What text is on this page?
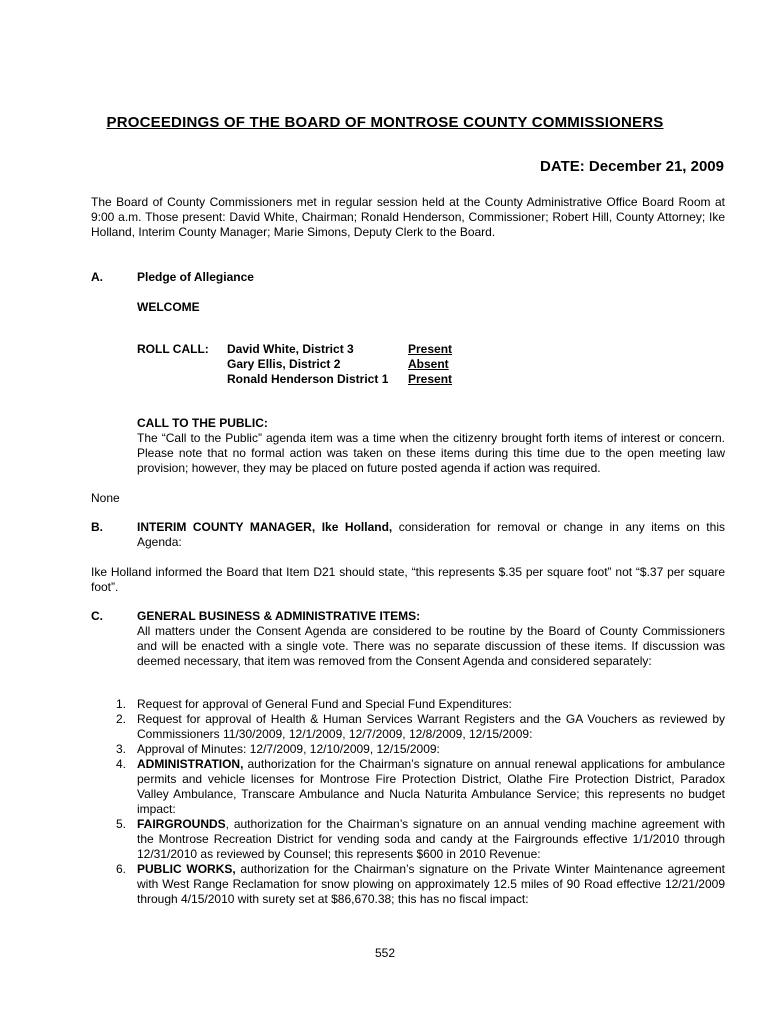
PROCEEDINGS OF THE BOARD OF MONTROSE COUNTY COMMISSIONERS
DATE: December 21, 2009
The Board of County Commissioners met in regular session held at the County Administrative Office Board Room at 9:00 a.m. Those present: David White, Chairman; Ronald Henderson, Commissioner; Robert Hill, County Attorney; Ike Holland, Interim County Manager; Marie Simons, Deputy Clerk to the Board.
A.	Pledge of Allegiance
WELCOME
ROLL CALL: David White, District 3	Present
Gary Ellis, District 2	Absent
Ronald Henderson District 1 Present
CALL TO THE PUBLIC:
The “Call to the Public” agenda item was a time when the citizenry brought forth items of interest or concern. Please note that no formal action was taken on these items during this time due to the open meeting law provision; however, they may be placed on future posted agenda if action was required.
None
B.	INTERIM COUNTY MANAGER, Ike Holland, consideration for removal or change in any items on this Agenda:
Ike Holland informed the Board that Item D21 should state, “this represents $.35 per square foot” not “$.37 per square foot”.
C.	GENERAL BUSINESS & ADMINISTRATIVE ITEMS:
All matters under the Consent Agenda are considered to be routine by the Board of County Commissioners and will be enacted with a single vote. There was no separate discussion of these items. If discussion was deemed necessary, that item was removed from the Consent Agenda and considered separately:
1. Request for approval of General Fund and Special Fund Expenditures:
2. Request for approval of Health & Human Services Warrant Registers and the GA Vouchers as reviewed by Commissioners 11/30/2009, 12/1/2009, 12/7/2009, 12/8/2009, 12/15/2009:
3. Approval of Minutes: 12/7/2009, 12/10/2009, 12/15/2009:
4. ADMINISTRATION, authorization for the Chairman’s signature on annual renewal applications for ambulance permits and vehicle licenses for Montrose Fire Protection District, Olathe Fire Protection District, Paradox Valley Ambulance, Transcare Ambulance and Nucla Naturita Ambulance Service; this represents no budget impact:
5. FAIRGROUNDS, authorization for the Chairman’s signature on an annual vending machine agreement with the Montrose Recreation District for vending soda and candy at the Fairgrounds effective 1/1/2010 through 12/31/2010 as reviewed by Counsel; this represents $600 in 2010 Revenue:
6. PUBLIC WORKS, authorization for the Chairman’s signature on the Private Winter Maintenance agreement with West Range Reclamation for snow plowing on approximately 12.5 miles of 90 Road effective 12/21/2009 through 4/15/2010 with surety set at $86,670.38; this has no fiscal impact:
552
